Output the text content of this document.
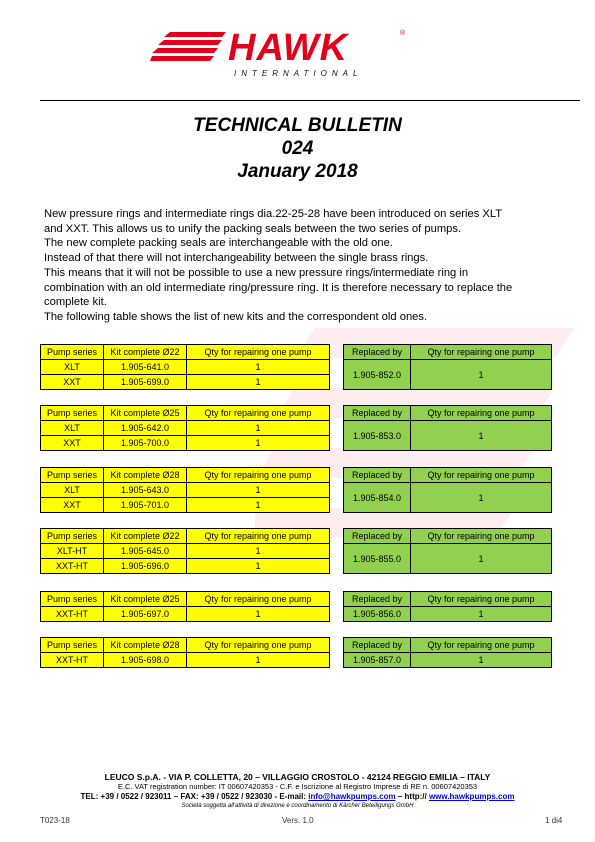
HAWK	®
INTERNATIONAL
TECHNICAL BULLETIN
024
January 2018
New pressure rings and intermediate rings dia.22-25-28 have been introduced on series XLT
and XXT. This allows us to unify the packing seals between the two series of pumps.
The new complete packing seals are interchangeable with the old one.
Instead of that there will not interchangeability between the single brass rings.
This means that it will not be possible to use a new pressure rings/intermediate ring in
combination with an old intermediate ring/pressure ring. It is therefore necessary to replace the
complete kit.
The following table shows the list of new kits and the correspondent old ones.
Pump series	Kit complete Ø22	Qty for repairing one pump
XLT	1.905-641.0	1
XXT	1.905-699.0	1
Replaced by	Qty for repairing one pump
1.905-852.0	1
Pump series	Kit complete Ø25	Qty for repairing one pump
XLT	1.905-642.0	1
XXT	1.905-700.0	1
Replaced by	Qty for repairing one pump
1.905-853.0	1
Pump series	Kit complete Ø28	Qty for repairing one pump
XLT	1.905-643.0	1
XXT	1.905-701.0	1
Replaced by	Qty for repairing one pump
1.905-854.0	1
Pump series	Kit complete Ø22	Qty for repairing one pump
XLT-HT	1.905-645.0	1
XXT-HT	1.905-696.0	1
Replaced by	Qty for repairing one pump
1.905-855.0	1
Pump series	Kit complete Ø25	Qty for repairing one pump
XXT-HT	1.905-697.0	1
Replaced by	Qty for repairing one pump
1.905-856.0	1
Pump series	Kit complete Ø28	Qty for repairing one pump
XXT-HT	1.905-698.0	1
Replaced by	Qty for repairing one pump
1.905-857.0	1
LEUCO S.p.A. - VIA P. COLLETTA, 20 – VILLAGGIO CROSTOLO - 42124 REGGIO EMILIA – ITALY
E.C. VAT registration number: IT 00607420353 - C.F. e Iscrizione al Registro Imprese di RE n. 00607420353
TEL: +39 / 0522 / 923011 – FAX: +39 / 0522 / 923030 - E-mail: info@hawkpumps.com – http:// www.hawkpumps.com
Società soggetta all'attività di direzione e coordinamento di Kärcher Beteiligungs GmbH
T023-18	Vers. 1.0	1 di4
